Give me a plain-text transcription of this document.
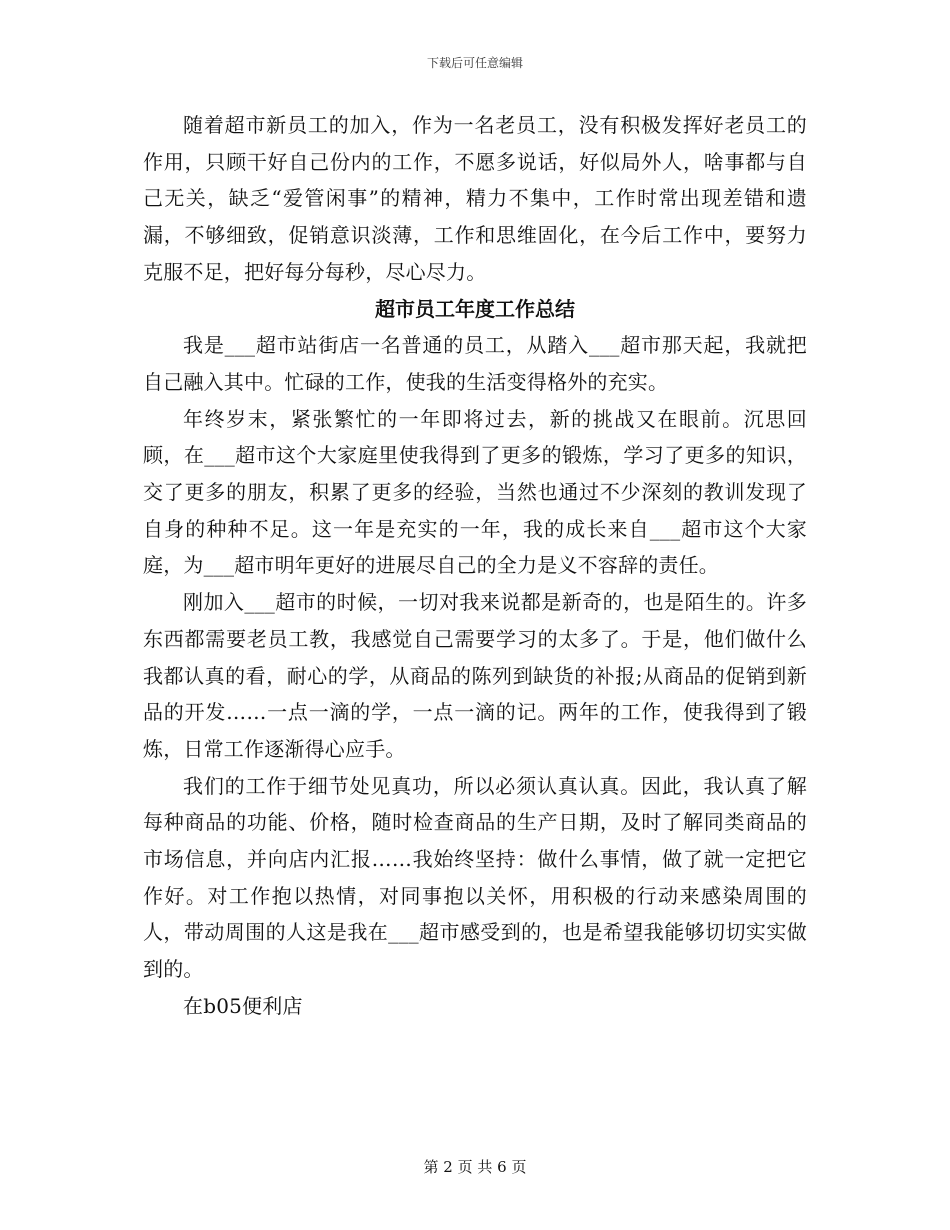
下载后可任意编辑

随着超市新员工的加入，作为一名老员工，没有积极发挥好老员工的作用，只顾干好自己份内的工作，不愿多说话，好似局外人，啥事都与自己无关，缺乏“爱管闲事”的精神，精力不集中，工作时常出现差错和遗漏，不够细致，促销意识淡薄，工作和思维固化，在今后工作中，要努力克服不足，把好每分每秒，尽心尽力。

超市员工年度工作总结

我是___超市站街店一名普通的员工，从踏入___超市那天起，我就把自己融入其中。忙碌的工作，使我的生活变得格外的充实。

年终岁末，紧张繁忙的一年即将过去，新的挑战又在眼前。沉思回顾，在___超市这个大家庭里使我得到了更多的锻炼，学习了更多的知识，交了更多的朋友，积累了更多的经验，当然也通过不少深刻的教训发现了自身的种种不足。这一年是充实的一年，我的成长来自___超市这个大家庭，为___超市明年更好的进展尽自己的全力是义不容辞的责任。

刚加入___超市的时候，一切对我来说都是新奇的，也是陌生的。许多东西都需要老员工教，我感觉自己需要学习的太多了。于是，他们做什么我都认真的看，耐心的学，从商品的陈列到缺货的补报;从商品的促销到新品的开发……一点一滴的学，一点一滴的记。两年的工作，使我得到了锻炼，日常工作逐渐得心应手。

我们的工作于细节处见真功，所以必须认真认真。因此，我认真了解每种商品的功能、价格，随时检查商品的生产日期，及时了解同类商品的市场信息，并向店内汇报……我始终坚持：做什么事情，做了就一定把它作好。对工作抱以热情，对同事抱以关怀，用积极的行动来感染周围的人，带动周围的人这是我在___超市感受到的，也是希望我能够切切实实做到的。

在b05便利店

第 2 页 共 6 页
